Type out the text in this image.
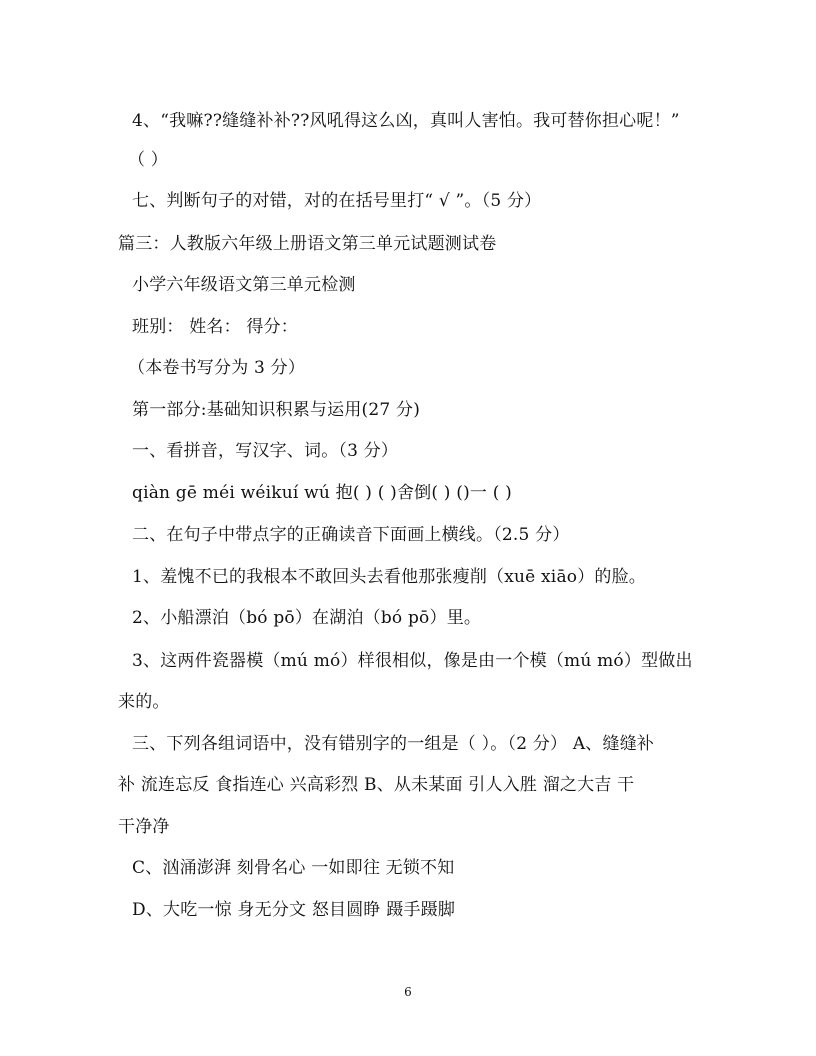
4、“我嘛??缝缝补补??风吼得这么凶，真叫人害怕。我可替你担心呢！”
（ ）
七、判断句子的对错，对的在括号里打“ √ ”。（5 分）
篇三：人教版六年级上册语文第三单元试题测试卷
小学六年级语文第三单元检测
班别： 姓名： 得分：
（本卷书写分为 3 分）
第一部分:基础知识积累与运用(27 分)
一、看拼音，写汉字、词。（3 分）
qiàn gē méi wéikuí wú 抱( ) ( )舍倒( ) ()一 ( )
二、在句子中带点字的正确读音下面画上横线。（2.5 分）
1、羞愧不已的我根本不敢回头去看他那张瘦削（xuē xiāo）的脸。
2、小船漂泊（bó pō）在湖泊（bó pō）里。
3、这两件瓷器模（mú mó）样很相似，像是由一个模（mú mó）型做出
来的。
三、下列各组词语中，没有错别字的一组是（ ）。（2 分） A、缝缝补
补 流连忘反 食指连心 兴高彩烈 B、从未某面 引人入胜 溜之大吉 干
干净净
C、汹涌澎湃 刻骨名心 一如即往 无锁不知
D、大吃一惊 身无分文 怒目圆睁 蹑手蹑脚
6
